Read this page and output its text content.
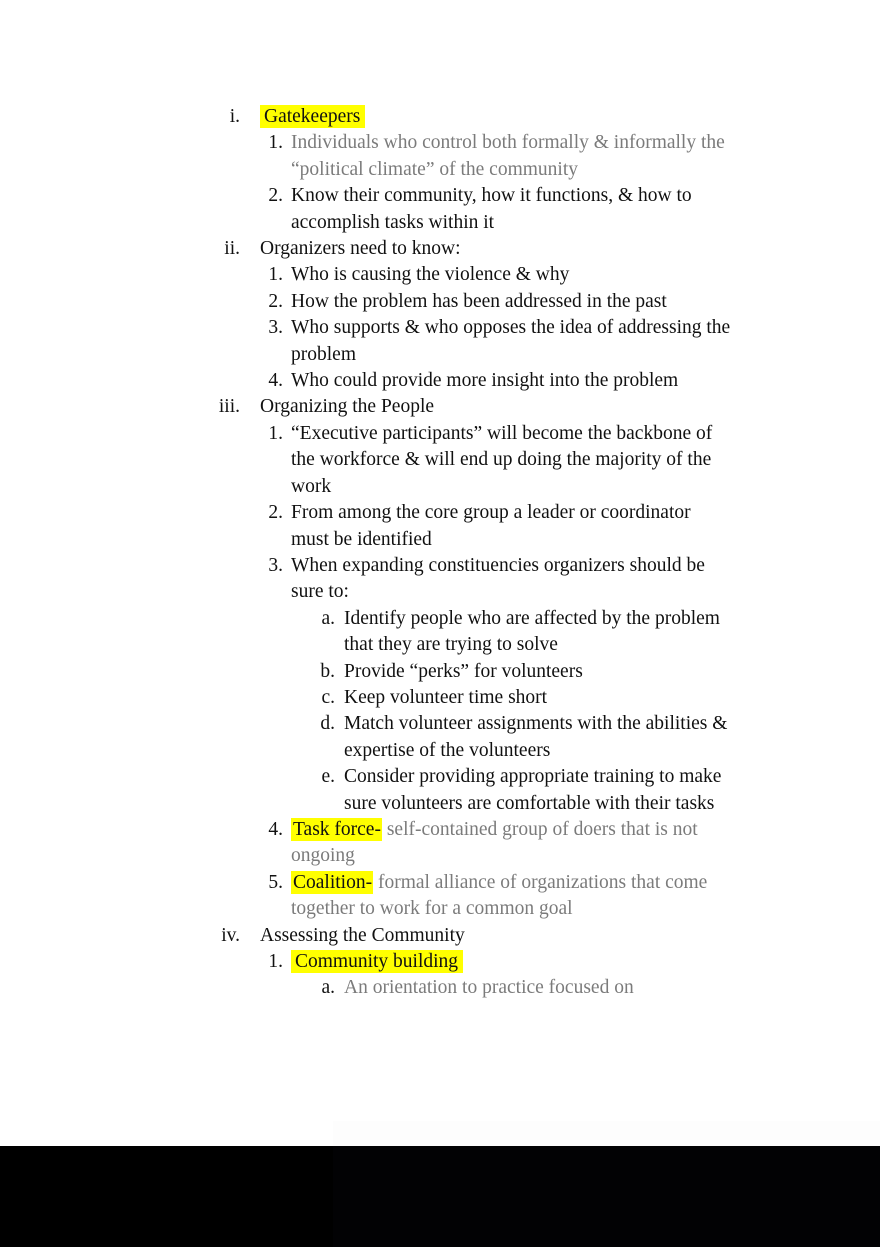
i. Gatekeepers
1. Individuals who control both formally & informally the “political climate” of the community
2. Know their community, how it functions, & how to accomplish tasks within it
ii. Organizers need to know:
1. Who is causing the violence & why
2. How the problem has been addressed in the past
3. Who supports & who opposes the idea of addressing the problem
4. Who could provide more insight into the problem
iii. Organizing the People
1. “Executive participants” will become the backbone of the workforce & will end up doing the majority of the work
2. From among the core group a leader or coordinator must be identified
3. When expanding constituencies organizers should be sure to:
a. Identify people who are affected by the problem that they are trying to solve
b. Provide “perks” for volunteers
c. Keep volunteer time short
d. Match volunteer assignments with the abilities & expertise of the volunteers
e. Consider providing appropriate training to make sure volunteers are comfortable with their tasks
4. Task force- self-contained group of doers that is not ongoing
5. Coalition- formal alliance of organizations that come together to work for a common goal
iv. Assessing the Community
1. Community building
a. An orientation to practice focused on
